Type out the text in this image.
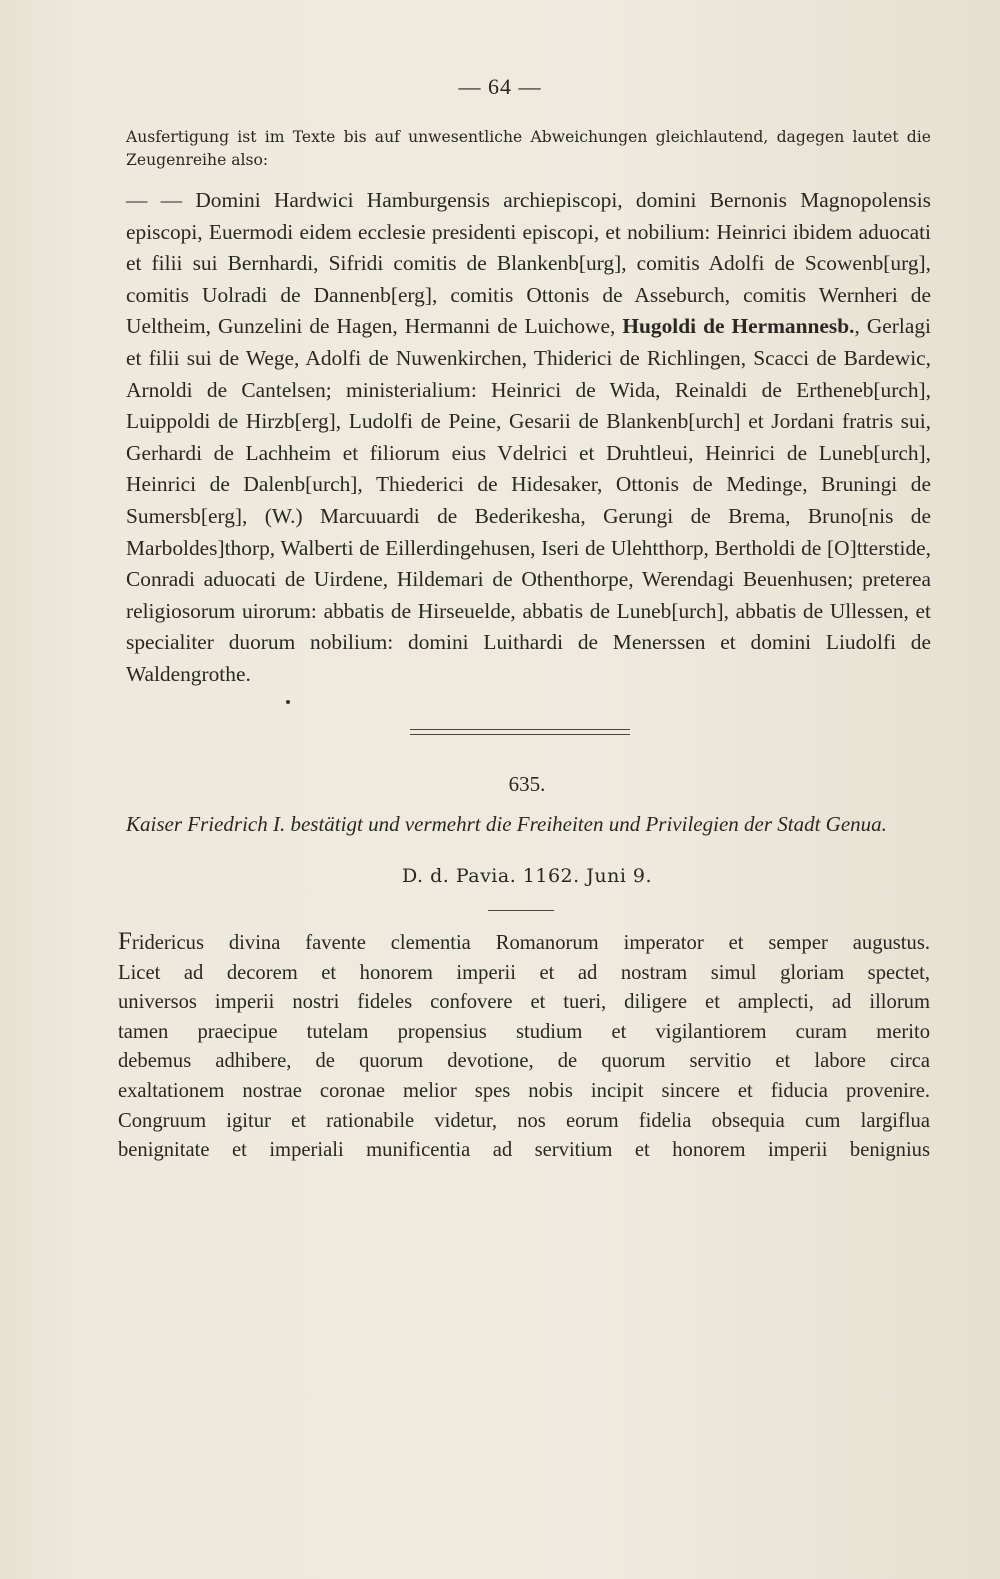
— 64 —
Ausfertigung ist im Texte bis auf unwesentliche Abweichungen gleichlautend, dagegen lautet die Zeugenreihe also:
— — Domini Hardwici Hamburgensis archiepiscopi, domini Bernonis Magnopolensis episcopi, Euermodi eidem ecclesie presidenti episcopi, et nobilium: Heinrici ibidem aduocati et filii sui Bernhardi, Sifridi comitis de Blankenb[urg], comitis Adolfi de Scowenb[urg], comitis Uolradi de Dannenb[erg], comitis Ottonis de Asseburch, comitis Wernheri de Ueltheim, Gunzelini de Hagen, Hermanni de Luichowe, Hugoldi de Hermannesb., Gerlagi et filii sui de Wege, Adolfi de Nuwenkirchen, Thiderici de Richlingen, Scacci de Bardewic, Arnoldi de Cantelsen; ministerialium: Heinrici de Wida, Reinaldi de Ertheneb[urch], Luippoldi de Hirzb[erg], Ludolfi de Peine, Gesarii de Blankenb[urch] et Jordani fratris sui, Gerhardi de Lachheim et filiorum eius Vdelrici et Druhtleui, Heinrici de Luneb[urch], Heinrici de Dalenb[urch], Thiederici de Hidesaker, Ottonis de Medinge, Bruningi de Sumersb[erg], (W.) Marcuuardi de Bederikesha, Gerungi de Brema, Bruno[nis de Marboldes]thorp, Walberti de Eillerdingehusen, Iseri de Ulehtthorp, Bertholdi de [O]tterstide, Conradi aduocati de Uirdene, Hildemari de Othenthorpe, Werendagi Beuenhusen; preterea religiosorum uirorum: abbatis de Hirseuelde, abbatis de Luneb[urch], abbatis de Ullessen, et specialiter duorum nobilium: domini Luithardi de Menerssen et domini Liudolfi de Waldengrothe.
635.
Kaiser Friedrich I. bestätigt und vermehrt die Freiheiten und Privilegien der Stadt Genua.
D. d. Pavia. 1162. Juni 9.
Fridericus divina favente clementia Romanorum imperator et semper augustus.
Licet ad decorem et honorem imperii et ad nostram simul gloriam spectet,
universos imperii nostri fideles confovere et tueri, diligere et amplecti, ad illorum
tamen praecipue tutelam propensius studium et vigilantiorem curam merito
debemus adhibere, de quorum devotione, de quorum servitio et labore circa
exaltationem nostrae coronae melior spes nobis incipit sincere et fiducia provenire.
Congruum igitur et rationabile videtur, nos eorum fidelia obsequia cum largiflua
benignitate et imperiali munificentia ad servitium et honorem imperii benignius
